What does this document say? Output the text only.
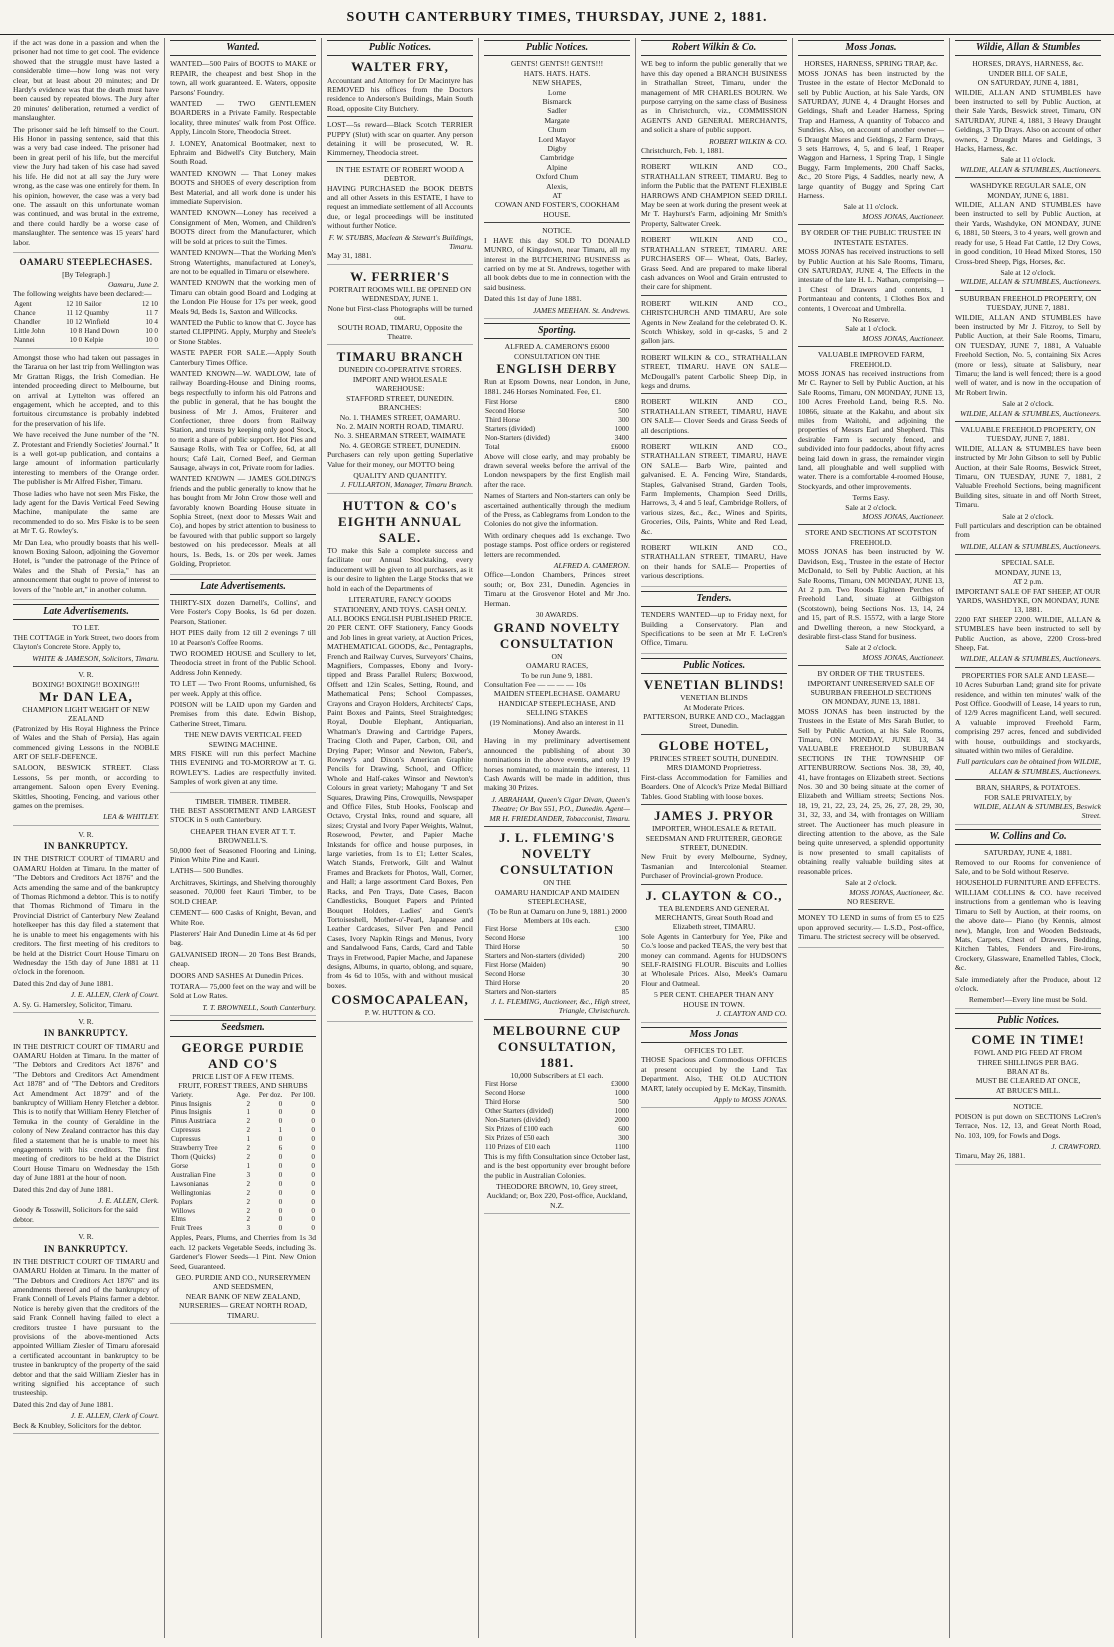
SOUTH CANTERBURY TIMES, THURSDAY, JUNE 2, 1881.

if the act was done in a passion and when the prisoner had not time to get cool. The evidence showed that the struggle must have lasted a considerable time—how long was not very clear, but at least about 20 minutes; and Dr Hardy's evidence was that the death must have been caused by repeated blows. The Jury after 20 minutes' deliberation, returned a verdict of manslaughter.

The prisoner said he left himself to the Court. His Honor in passing sentence, said that this was a very bad case indeed. The prisoner had been in great peril of his life, but the merciful view the Jury had taken of his case had saved his life. He did not at all say the Jury were wrong, as the case was one entirely for them. In his opinion, however, the case was a very bad one. The assault on this unfortunate woman was continued, and was brutal in the extreme, and there could hardly be a worse case of manslaughter. The sentence was 15 years' hard labor.

OAMARU STEEPLECHASES.
[By Telegraph.]
Oamaru, June 2.

The following weights have been declared:—

Agent	12 10	Sailor	12 10
Chance	11 12	Quamby	11 7
Chandler	10 12	Winfield	10 4
Little John	10 8	Hand Down	10 0
Nannei	10 0	Kelpie	10 0

Amongst those who had taken out passages in the Tararua on her last trip from Wellington was Mr Grattan Riggs, the Irish Comedian. He intended proceeding direct to Melbourne, but on arrival at Lyttelton was offered an engagement, which he accepted, and to this fortuitous circumstance is probably indebted for the preservation of his life.

We have received the June number of the "N. Z. Protestant and Friendly Societies' Journal." It is a well got-up publication, and contains a large amount of information particularly interesting to members of the Orange order. The publisher is Mr Alfred Fisher, Timaru.

Those ladies who have not seen Mrs Fiske, the lady agent for the Davis Vertical Feed Sewing Machine, manipulate the same are recommended to do so. Mrs Fiske is to be seen at Mr T. G. Rowley's.

Mr Dan Lea, who proudly boasts that his well-known Boxing Saloon, adjoining the Governor Hotel, is "under the patronage of the Prince of Wales and the Shah of Persia," has an announcement that ought to prove of interest to lovers of the "noble art," in another column.

Late Advertisements.
TO LET.

THE COTTAGE in York Street, two doors from Clayton's Concrete Store. Apply to,

WHITE & JAMESON, Solicitors, Timaru.
V. R.
BOXING! BOXING!! BOXING!!!
Mr DAN LEA,
CHAMPION LIGHT WEIGHT OF NEW ZEALAND

(Patronized by His Royal Highness the Prince of Wales and the Shah of Persia), Has again commenced giving Lessons in the NOBLE ART OF SELF-DEFENCE.

SALOON, BESWICK STREET. Class Lessons, 5s per month, or according to arrangement. Saloon open Every Evening. Skittles, Shooting, Fencing, and various other games on the premises.

LEA & WHITLEY.
V. R.
IN BANKRUPTCY.

IN THE DISTRICT COURT of TIMARU and OAMARU Holden at Timaru. In the matter of "The Debtors and Creditors Act 1876" and the Acts amending the same and of the bankruptcy of Thomas Richmond a debtor. This is to notify that Thomas Richmond of Timaru in the Provincial District of Canterbury New Zealand hotelkeeper has this day filed a statement that he is unable to meet his engagements with his creditors. The first meeting of his creditors to be held at the District Court House Timaru on Wednesday the 15th day of June 1881 at 11 o'clock in the forenoon.

Dated this 2nd day of June 1881.

J. E. ALLEN, Clerk of Court.
A. Sy. G. Hamersley, Solicitor, Timaru.
V. R.
IN BANKRUPTCY.

IN THE DISTRICT COURT OF TIMARU and OAMARU Holden at Timaru. In the matter of "The Debtors and Creditors Act 1876" and "The Debtors and Creditors Act Amendment Act 1878" and of "The Debtors and Creditors Act Amendment Act 1879" and of the bankruptcy of William Henry Fletcher a debtor. This is to notify that William Henry Fletcher of Temuka in the county of Geraldine in the colony of New Zealand contractor has this day filed a statement that he is unable to meet his engagements with his creditors. The first meeting of creditors to be held at the District Court House Timaru on Wednesday the 15th day of June 1881 at the hour of noon.

Dated this 2nd day of June 1881.

J. E. ALLEN, Clerk.
Goody & Tosswill, Solicitors for the said debtor.
V. R.
IN BANKRUPTCY.

IN THE DISTRICT COURT OF TIMARU and OAMARU Holden at Timaru. In the matter of "The Debtors and Creditors Act 1876" and its amendments thereof and of the bankruptcy of Frank Connell of Levels Plains farmer a debtor. Notice is hereby given that the creditors of the said Frank Connell having failed to elect a creditors trustee I have pursuant to the provisions of the above-mentioned Acts appointed William Ziesler of Timaru aforesaid a certificated accountant in bankruptcy to be trustee in bankruptcy of the property of the said debtor and that the said William Ziesler has in writing signified his acceptance of such trusteeship.

Dated this 2nd day of June 1881.

J. E. ALLEN, Clerk of Court.
Beck & Knubley, Solicitors for the debtor.
Wanted.

WANTED—500 Pairs of BOOTS to MAKE or REPAIR, the cheapest and best Shop in the town, all work guaranteed. E. Waters, opposite Parsons' Foundry.

WANTED — TWO GENTLEMEN BOARDERS in a Private Family. Respectable locality, three minutes' walk from Post Office. Apply, Lincoln Store, Theodocia Street.

J. LONEY, Anatomical Bootmaker, next to Ephraim and Bidwell's City Butchery, Main South Road.

WANTED KNOWN — That Loney makes BOOTS and SHOES of every description from Best Material, and all work done is under his immediate Supervision.

WANTED KNOWN—Loney has received a Consignment of Men, Women, and Children's BOOTS direct from the Manufacturer, which will be sold at prices to suit the Times.

WANTED KNOWN—That the Working Men's Strong Watertights, manufactured at Loney's, are not to be equalled in Timaru or elsewhere.

WANTED KNOWN that the working men of Timaru can obtain good Board and Lodging at the London Pie House for 17s per week, good Meals 9d, Beds 1s, Saxton and Willcocks.

WANTED the Public to know that C. Joyce has started CLIPPING. Apply, Murphy and Steele's or Stone Stables.

WASTE PAPER FOR SALE.—Apply South Canterbury Times Office.

WANTED KNOWN—W. WADLOW, late of railway Boarding-House and Dining rooms, begs respectfully to inform his old Patrons and the public in general, that he has bought the business of Mr J. Amos, Fruiterer and Confectioner, three doors from Railway Station, and trusts by keeping only good Stock, to merit a share of public support. Hot Pies and Sausage Rolls, with Tea or Coffee, 6d, at all hours; Café Lait, Corned Beef, and German Sausage, always in cot, Private room for ladies.

WANTED KNOWN — JAMES GOLDING'S friends and the public generally to know that he has bought from Mr John Crow those well and favorably known Boarding House situate in Sophia Street, (next door to Messrs Wait and Co), and hopes by strict attention to business to be favoured with that public support so largely bestowed on his predecessor. Meals at all hours, 1s. Beds, 1s. or 20s per week. James Golding, Proprietor.

Late Advertisements.

THIRTY-SIX dozen Darnell's, Collins', and Vere Foster's Copy Books, 1s 6d per dozen. Pearson, Stationer.

HOT PIES daily from 12 till 2 evenings 7 till 10 at Pearson's Coffee Rooms.

TWO ROOMED HOUSE and Scullery to let, Theodocia street in front of the Public School. Address John Kennedy.

TO LET — Two Front Rooms, unfurnished, 6s per week. Apply at this office.

POISON will be LAID upon my Garden and Premises from this date. Edwin Bishop, Catherine Street, Timaru.

THE NEW DAVIS VERTICAL FEED SEWING MACHINE.

MRS FISKE will run this perfect Machine THIS EVENING and TO-MORROW at T. G. ROWLEY'S. Ladies are respectfully invited. Samples of work given at any time.

TIMBER. TIMBER. TIMBER.

THE BEST ASSORTMENT AND LARGEST STOCK in S outh Canterbury.

CHEAPER THAN EVER AT T. T. BROWNELL'S.

50,000 feet of Seasoned Flooring and Lining, Pinion White Pine and Kauri.

LATHS— 500 Bundles.

Architraves, Skirtings, and Shelving thoroughly seasoned. 70,000 feet Kauri Timber, to be SOLD CHEAP.

CEMENT— 600 Casks of Knight, Bevan, and White Roe.

Plasterers' Hair And Dunedin Lime at 4s 6d per bag.

GALVANISED IRON— 20 Tons Best Brands, cheap.

DOORS AND SASHES At Dunedin Prices.

TOTARA— 75,000 feet on the way and will be Sold at Low Rates.

T. T. BROWNELL, South Canterbury.
Seedsmen.
GEORGE PURDIE AND CO'S
PRICE LIST OF A FEW ITEMS.
FRUIT, FOREST TREES, AND SHRUBS
Variety.	Age.	Per doz.	Per 100.
Pinus Insignis	2	0	0
Pinus Insignis	1	0	0
Pinus Austriaca	2	0	0
Cupressus	2	1	0
Cupressus	1	0	0
Strawberry Tree	2	6	0
Thorn (Quicks)	2	0	0
Gorse	1	0	0
Australian Fine	3	0	0
Lawsonianas	2	0	0
Wellingtonias	2	0	0
Poplars	2	0	0
Willows	2	0	0
Elms	2	0	0
Fruit Trees	3	0	0

Apples, Pears, Plums, and Cherries from 1s 3d each. 12 packets Vegetable Seeds, including 3s. Gardener's Flower Seeds—1 Pint. New Onion Seed, Guaranteed.

GEO. PURDIE AND CO., NURSERYMEN AND SEEDSMEN,
NEAR BANK OF NEW ZEALAND, NURSERIES— GREAT NORTH ROAD, TIMARU.
Public Notices.
WALTER FRY,

Accountant and Attorney for Dr Macintyre has REMOVED his offices from the Doctors residence to Anderson's Buildings, Main South Road, opposite City Butchery.

LOST—5s reward—Black Scotch TERRIER PUPPY (Slut) with scar on quarter. Any person detaining it will be prosecuted, W. R. Kimmerney, Theodocia street.

IN THE ESTATE OF ROBERT WOOD A DEBTOR.

HAVING PURCHASED the BOOK DEBTS and all other Assets in this ESTATE, I have to request an immediate settlement of all Accounts due, or legal proceedings will be instituted without further Notice.

F. W. STUBBS, Maclean & Stewart's Buildings, Timaru.
May 31, 1881.
W. FERRIER'S
PORTRAIT ROOMS WILL BE OPENED ON WEDNESDAY, JUNE 1.
None but First-class Photographs will be turned out.
SOUTH ROAD, TIMARU, Opposite the Theatre.
TIMARU BRANCH
DUNEDIN CO-OPERATIVE STORES.
IMPORT AND WHOLESALE
WAREHOUSE:
STAFFORD STREET, DUNEDIN.
BRANCHES:
No. 1. THAMES STREET, OAMARU.
No. 2. MAIN NORTH ROAD, TIMARU.
No. 3. SHEARMAN STREET, WAIMATE
No. 4. GEORGE STREET, DUNEDIN.

Purchasers can rely upon getting Superlative Value for their money, our MOTTO being

QUALITY AND QUANTITY.
J. FULLARTON, Manager, Timaru Branch.
HUTTON & CO's EIGHTH ANNUAL SALE.

TO make this Sale a complete success and facilitate our Annual Stocktaking, every inducement will be given to all purchasers, as it is our desire to lighten the Large Stocks that we hold in each of the Departments of

LITERATURE, FANCY GOODS STATIONERY, AND TOYS. CASH ONLY. ALL BOOKS ENGLISH PUBLISHED PRICE.

20 PER CENT. OFF Stationery, Fancy Goods and Job lines in great variety, at Auction Prices, MATHEMATICAL GOODS, &c., Pentagraphs, French and Railway Curves, Surveyors' Chains, Magnifiers, Compasses, Ebony and Ivory-tipped and Brass Parallel Rulers; Boxwood, Offsett and 12in Scales, Setting, Round, and Mathematical Pens; School Compasses, Crayons and Crayon Holders, Architects' Caps, Paint Boxes and Paints, Steel Straightedges; Royal, Double Elephant, Antiquarian, Whatman's Drawing and Cartridge Papers, Tracing Cloth and Paper, Carbon, Oil, and Drying Paper; Winsor and Newton, Faber's, Rowney's and Dixon's American Graphite Pencils for Drawing, School, and Office; Whole and Half-cakes Winsor and Newton's Colours in great variety; Mahogany 'T and Set Squares, Drawing Pins, Crowquills, Newspaper and Office Files, Stub Hooks, Foolscap and Octavo, Crystal Inks, round and square, all sizes; Crystal and Ivory Paper Weights, Walnut, Rosewood, Pewter, and Papier Mache Inkstands for office and house purposes, in large varieties, from 1s to £1; Letter Scales, Watch Stands, Fretwork, Gilt and Walnut Frames and Brackets for Photos, Wall, Corner, and Hall; a large assortment Card Boxes, Pen Racks, and Pen Trays, Date Cases, Bacon Candlesticks, Bouquet Papers and Printed Bouquet Holders, Ladies' and Gent's Tortoiseshell, Mother-o'-Pearl, Japanese and Leather Cardcases, Silver Pen and Pencil Cases, Ivory Napkin Rings and Menus, Ivory and Sandalwood Fans, Cards, Card and Table Trays in Fretwood, Papier Mache, and Japanese designs, Albums, in quarto, oblong, and square, from 4s 6d to 105s, with and without musical boxes.

COSMOCAPALEAN,
P. W. HUTTON & CO.
Public Notices.
GENTS! GENTS!! GENTS!!!
HATS. HATS. HATS.
NEW SHAPES,
Lorne
Bismarck
Sadler
Margate
Chum
Lord Mayor
Digby
Cambridge
Alpine
Oxford Chum
Alexis,
AT
COWAN AND FOSTER'S, COOKHAM HOUSE.
NOTICE.

I HAVE this day SOLD TO DONALD MUNRO, of Kingsdown, near Timaru, all my interest in the BUTCHERING BUSINESS as carried on by me at St. Andrews, together with all book debts due to me in connection with the said business.

Dated this 1st day of June 1881.

JAMES MEEHAN. St. Andrews.
Sporting.
ALFRED A. CAMERON'S £6000 CONSULTATION ON THE
ENGLISH DERBY

Run at Epsom Downs, near London, in June, 1881. 246 Horses Nominated. Fee, £1.

First Horse	£800
Second Horse	500
Third Horse	300
Starters (divided)	1000
Non-Starters (divided)	3400
Total	£6000

Above will close early, and may probably be drawn several weeks before the arrival of the London newspapers by the first English mail after the race.

Names of Starters and Non-starters can only be ascertained authentically through the medium of the Press, as Cablegrams from London to the Colonies do not give the information.

With ordinary cheques add 1s exchange. Two postage stamps. Post office orders or registered letters are recommended.

ALFRED A. CAMERON.

Office—London Chambers, Princes street south; or, Box 231, Dunedin. Agencies in Timaru at the Grosvenor Hotel and Mr Jno. Herman.

30 AWARDS.
GRAND NOVELTY CONSULTATION
ON
OAMARU RACES,
To be run June 9, 1881.
Consultation Fee — — — — 10s
MAIDEN STEEPLECHASE. OAMARU HANDICAP STEEPLECHASE, AND SELLING STAKES
(19 Nominations). And also an interest in 11 Money Awards.

Having in my preliminary advertisement announced the publishing of about 30 nominations in the above events, and only 19 horses nominated, to maintain the interest, 11 Cash Awards will be made in addition, thus making 30 Prizes.

J. ABRAHAM, Queen's Cigar Divan, Queen's Theatre; Or Box 551, P.O., Dunedin. Agent—MR H. FRIEDLANDER, Tobacconist, Timaru.
J. L. FLEMING'S NOVELTY CONSULTATION
ON THE
OAMARU HANDICAP AND MAIDEN STEEPLECHASE,
(To be Run at Oamaru on June 9, 1881.) 2000 Members at 10s each.
First Horse	£300
Second Horse	100
Third Horse	50
Starters and Non-starters (divided)	200
First Horse (Maiden)	90
Second Horse	30
Third Horse	20
Starters and Non-starters	85
J. L. FLEMING, Auctioneer, &c., High street, Triangle, Christchurch.
MELBOURNE CUP CONSULTATION, 1881.
10,000 Subscribers at £1 each.
First Horse	£3000
Second Horse	1000
Third Horse	500
Other Starters (divided)	1000
Non-Starters (divided)	2000
Six Prizes of £100 each	600
Six Prizes of £50 each	300
110 Prizes of £10 each	1100

This is my fifth Consultation since October last, and is the best opportunity ever brought before the public in Australian Colonies.

THEODORE BROWN, 10, Grey street, Auckland; or, Box 220, Post-office, Auckland, N.Z.
Robert Wilkin & Co.

WE beg to inform the public generally that we have this day opened a BRANCH BUSINESS in Strathallan Street, Timaru, under the management of MR CHARLES BOURN. We purpose carrying on the same class of Business as in Christchurch, viz., COMMISSION AGENTS AND GENERAL MERCHANTS, and solicit a share of public support.

ROBERT WILKIN & CO.
Christchurch, Feb. 1, 1881.

ROBERT WILKIN AND CO., STRATHALLAN STREET, TIMARU. Beg to inform the Public that the PATENT FLEXIBLE HARROWS AND CHAMPION SEED DRILL May be seen at work during the present week at Mr T. Hayhurst's Farm, adjoining Mr Smith's Property, Saltwater Creek.

ROBERT WILKIN AND CO., STRATHALLAN STREET, TIMARU. ARE PURCHASERS OF— Wheat, Oats, Barley, Grass Seed. And are prepared to make liberal cash advances on Wool and Grain entrusted to their care for shipment.

ROBERT WILKIN AND CO., CHRISTCHURCH AND TIMARU, Are sole Agents in New Zealand for the celebrated O. K. Scotch Whiskey, sold in qr-casks, 5 and 2 gallon jars.

ROBERT WILKIN & CO., STRATHALLAN STREET, TIMARU. HAVE ON SALE— McDougall's patent Carbolic Sheep Dip, in kegs and drums.

ROBERT WILKIN AND CO., STRATHALLAN STREET, TIMARU, HAVE ON SALE— Clover Seeds and Grass Seeds of all descriptions.

ROBERT WILKIN AND CO., STRATHALLAN STREET, TIMARU, HAVE ON SALE— Barb Wire, painted and galvanised. E. A. Fencing Wire, Standards, Staples, Galvanised Strand, Garden Tools, Farm Implements, Champion Seed Drills, Harrows, 3, 4 and 5 leaf, Cambridge Rollers, of various sizes, &c., &c., Wines and Spirits, Groceries, Oils, Paints, White and Red Lead, &c.

ROBERT WILKIN AND CO., STRATHALLAN STREET, TIMARU, Have on their hands for SALE— Properties of various descriptions.

Tenders.

TENDERS WANTED—up to Friday next, for Building a Conservatory. Plan and Specifications to be seen at Mr F. LeCren's Office, Timaru.

Public Notices.
VENETIAN BLINDS!
VENETIAN BLINDS
At Moderate Prices.
PATTERSON, BURKE AND CO., Maclaggan Street, Dunedin.
GLOBE HOTEL,
PRINCES STREET SOUTH, DUNEDIN.
MRS DIAMOND Proprietress.

First-class Accommodation for Families and Boarders. One of Alcock's Prize Medal Billiard Tables. Good Stabling with loose boxes.

JAMES J. PRYOR
IMPORTER, WHOLESALE & RETAIL SEEDSMAN AND FRUITERER, GEORGE STREET, DUNEDIN.

New Fruit by every Melbourne, Sydney, Tasmanian and Intercolonial Steamer. Purchaser of Provincial-grown Produce.

J. CLAYTON & CO.,
TEA BLENDERS AND GENERAL MERCHANTS, Great South Road and Elizabeth street, TIMARU.

Sole Agents in Canterbury for Yee, Pike and Co.'s loose and packed TEAS, the very best that money can command. Agents for HUDSON'S SELF-RAISING FLOUR. Biscuits and Lollies at Wholesale Prices. Also, Meek's Oamaru Flour and Oatmeal.

5 PER CENT. CHEAPER THAN ANY HOUSE IN TOWN.
J. CLAYTON AND CO.
Moss Jonas
OFFICES TO LET.

THOSE Spacious and Commodious OFFICES at present occupied by the Land Tax Department. Also, THE OLD AUCTION MART, lately occupied by E. McKay, Tinsmith.

Apply to MOSS JONAS.
Moss Jonas.
HORSES, HARNESS, SPRING TRAP, &c.

MOSS JONAS has been instructed by the Trustee in the estate of Hector McDonald to sell by Public Auction, at his Sale Yards, ON SATURDAY, JUNE 4, 4 Draught Horses and Geldings, Shaft and Leader Harness, Spring Trap and Harness, A quantity of Tobacco and Sundries. Also, on account of another owner— 6 Draught Mares and Geldings, 2 Farm Drays, 3 sets Harrows, 4, 5, and 6 leaf, 1 Reaper Waggon and Harness, 1 Spring Trap, 1 Single Buggy, Farm Implements, 200 Chaff Sacks, &c., 20 Store Pigs, 4 Saddles, nearly new, A large quantity of Buggy and Spring Cart Harness.

Sale at 11 o'clock.
MOSS JONAS, Auctioneer.
BY ORDER OF THE PUBLIC TRUSTEE IN INTESTATE ESTATES.

MOSS JONAS has received instructions to sell by Public Auction at his Sale Rooms, Timaru, ON SATURDAY, JUNE 4, The Effects in the intestate of the late H. L. Nathan, comprising— 1 Chest of Drawers and contents, 1 Portmanteau and contents, 1 Clothes Box and contents, 1 Overcoat and Umbrella.

No Reserve.
Sale at 1 o'clock.
MOSS JONAS, Auctioneer.
VALUABLE IMPROVED FARM, FREEHOLD.

MOSS JONAS has received instructions from Mr C. Rayner to Sell by Public Auction, at his Sale Rooms, Timaru, ON MONDAY, JUNE 13, 100 Acres Freehold Land, being R.S. No. 10866, situate at the Kakahu, and about six miles from Waitohi, and adjoining the properties of Messrs Earl and Shepherd. This desirable Farm is securely fenced, and subdivided into four paddocks, about fifty acres being laid down in grass, the remainder virgin land, all ploughable and well supplied with water. There is a comfortable 4-roomed House, Stockyards, and other improvements.

Terms Easy.
Sale at 2 o'clock.
MOSS JONAS, Auctioneer.
STORE AND SECTIONS AT SCOTSTON FREEHOLD.

MOSS JONAS has been instructed by W. Davidson, Esq., Trustee in the estate of Hector McDonald, to Sell by Public Auction, at his Sale Rooms, Timaru, ON MONDAY, JUNE 13, At 2 p.m. Two Roods Eighteen Perches of Freehold Land, situate at Gilbigston (Scotstown), being Sections Nos. 13, 14, 24 and 15, part of R.S. 15572, with a large Store and Dwelling thereon, a new Stockyard, a desirable first-class Stand for business.

Sale at 2 o'clock.
MOSS JONAS, Auctioneer.
BY ORDER OF THE TRUSTEES. IMPORTANT UNRESERVED SALE OF SUBURBAN FREEHOLD SECTIONS
ON MONDAY, JUNE 13, 1881.

MOSS JONAS has been instructed by the Trustees in the Estate of Mrs Sarah Butler, to Sell by Public Auction, at his Sale Rooms, Timaru, ON MONDAY, JUNE 13, 34 VALUABLE FREEHOLD SUBURBAN SECTIONS IN THE TOWNSHIP OF ATTENBURROW. Sections Nos. 38, 39, 40, 41, have frontages on Elizabeth street. Sections Nos. 30 and 30 being situate at the corner of Elizabeth and William streets; Sections Nos. 18, 19, 21, 22, 23, 24, 25, 26, 27, 28, 29, 30, 31, 32, 33, and 34, with frontages on William street. The Auctioneer has much pleasure in directing attention to the above, as the Sale being quite unreserved, a splendid opportunity is now presented to small capitalists of obtaining really valuable building sites at reasonable prices.

Sale at 2 o'clock.
MOSS JONAS, Auctioneer, &c.
NO RESERVE.

MONEY TO LEND in sums of from £5 to £25 upon approved security.— L.S.D., Post-office, Timaru. The strictest secrecy will be observed.

Wildie, Allan & Stumbles
HORSES, DRAYS, HARNESS, &c.
UNDER BILL OF SALE,
ON SATURDAY, JUNE 4, 1881,

WILDIE, ALLAN AND STUMBLES have been instructed to sell by Public Auction, at their Sale Yards, Beswick street, Timaru, ON SATURDAY, JUNE 4, 1881, 3 Heavy Draught Geldings, 3 Tip Drays. Also on account of other owners, 2 Draught Mares and Geldings, 3 Hacks, Harness, &c.

Sale at 11 o'clock.
WILDIE, ALLAN & STUMBLES, Auctioneers.
WASHDYKE REGULAR SALE, ON MONDAY, JUNE 6, 1881.

WILDIE, ALLAN AND STUMBLES have been instructed to sell by Public Auction, at their Yards, Washdyke, ON MONDAY, JUNE 6, 1881, 50 Steers, 3 to 4 years, well grown and ready for use, 5 Head Fat Cattle, 12 Dry Cows, in good condition, 10 Head Mixed Stores, 150 Cross-bred Sheep, Pigs, Horses, &c.

Sale at 12 o'clock.
WILDIE, ALLAN & STUMBLES, Auctioneers.
SUBURBAN FREEHOLD PROPERTY, ON TUESDAY, JUNE 7, 1881.

WILDIE, ALLAN AND STUMBLES have been instructed by Mr J. Fitzroy, to Sell by Public Auction, at their Sale Rooms, Timaru, ON TUESDAY, JUNE 7, 1881, A Valuable Freehold Section, No. 5, containing Six Acres (more or less), situate at Salisbury, near Timaru; the land is well fenced; there is a good well of water, and is now in the occupation of Mr Robert Irwin.

Sale at 2 o'clock.
WILDIE, ALLAN & STUMBLES, Auctioneers.
VALUABLE FREEHOLD PROPERTY, ON TUESDAY, JUNE 7, 1881.

WILDIE, ALLAN & STUMBLES have been instructed by Mr John Gibson to sell by Public Auction, at their Sale Rooms, Beswick Street, Timaru, ON TUESDAY, JUNE 7, 1881, 2 Valuable Freehold Sections, being magnificent Building sites, situate in and off North Street, Timaru.

Sale at 2 o'clock.

Full particulars and description can be obtained from

WILDIE, ALLAN & STUMBLES, Auctioneers.
SPECIAL SALE.
MONDAY, JUNE 13,
AT 2 p.m.
IMPORTANT SALE OF FAT SHEEP, AT OUR YARDS, WASHDYKE, ON MONDAY, JUNE 13, 1881.

2200 FAT SHEEP 2200. WILDIE, ALLAN & STUMBLES have been instructed to sell by Public Auction, as above, 2200 Cross-bred Sheep, Fat.

WILDIE, ALLAN & STUMBLES, Auctioneers.
PROPERTIES FOR SALE AND LEASE—

10 Acres Suburban Land; grand site for private residence, and within ten minutes' walk of the Post Office. Goodwill of Lease, 14 years to run, of 12/9 Acres magnificent Land, well secured. A valuable improved Freehold Farm, comprising 297 acres, fenced and subdivided with house, outbuildings and stockyards, situated within two miles of Geraldine.

Full particulars can be obtained from WILDIE, ALLAN & STUMBLES, Auctioneers.
BRAN, SHARPS, & POTATOES.
FOR SALE PRIVATELY, by
WILDIE, ALLAN & STUMBLES, Beswick Street.
W. Collins and Co.
SATURDAY, JUNE 4, 1881.

Removed to our Rooms for convenience of Sale, and to be Sold without Reserve.

HOUSEHOLD FURNITURE AND EFFECTS.

WILLIAM COLLINS & CO. have received instructions from a gentleman who is leaving Timaru to Sell by Auction, at their rooms, on the above date— Piano (by Kennis, almost new), Mangle, Iron and Wooden Bedsteads, Mats, Carpets, Chest of Drawers, Bedding, Kitchen Tables, Fenders and Fire-irons, Crockery, Glassware, Enamelled Tables, Clock, &c.

Sale immediately after the Produce, about 12 o'clock.

Remember!—Every line must be Sold.
Public Notices.
COME IN TIME!
FOWL AND PIG FEED AT FROM
THREE SHILLINGS PER BAG.
BRAN AT 8s.
MUST BE CLEARED AT ONCE,
AT BRUCE'S MILL.
NOTICE.

POISON is put down on SECTIONS LeCren's Terrace, Nos. 12, 13, and Great North Road, No. 103, 109, for Fowls and Dogs.

J. CRAWFORD.
Timaru, May 26, 1881.
